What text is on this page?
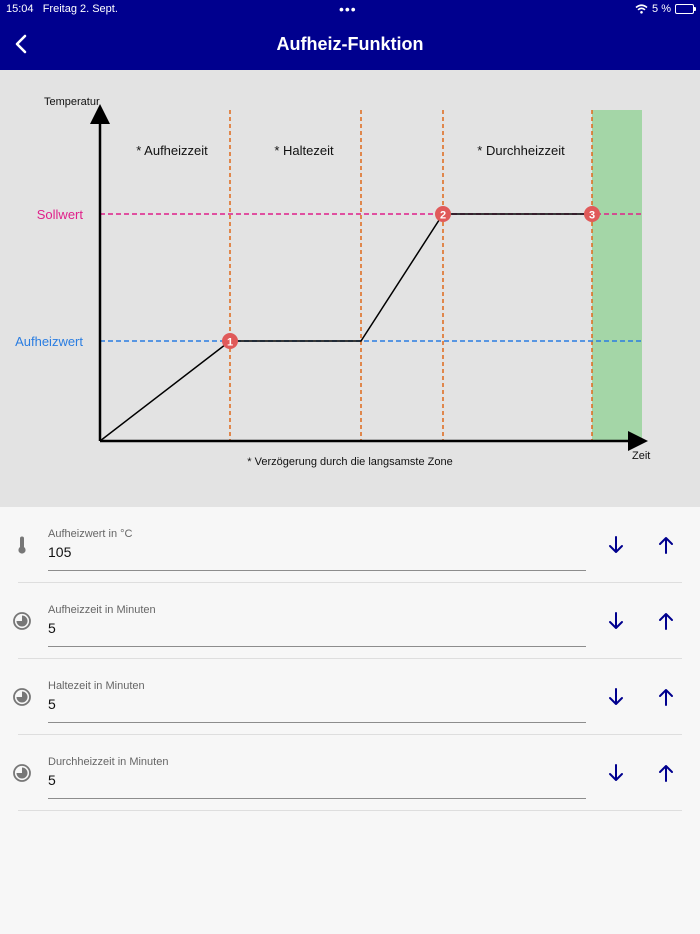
15:04 Freitag 2. Sept.	•••	5 %
Aufheiz-Funktion
1
2	3
Temperatur
Zeit
Sollwert
Aufheizwert
* Aufheizzeit	* Haltezeit	* Durchheizzeit
* Verzögerung durch die langsamste Zone
Aufheizwert in °C
105
Aufheizzeit in Minuten
5
Haltezeit in Minuten
5
Durchheizzeit in Minuten
5
